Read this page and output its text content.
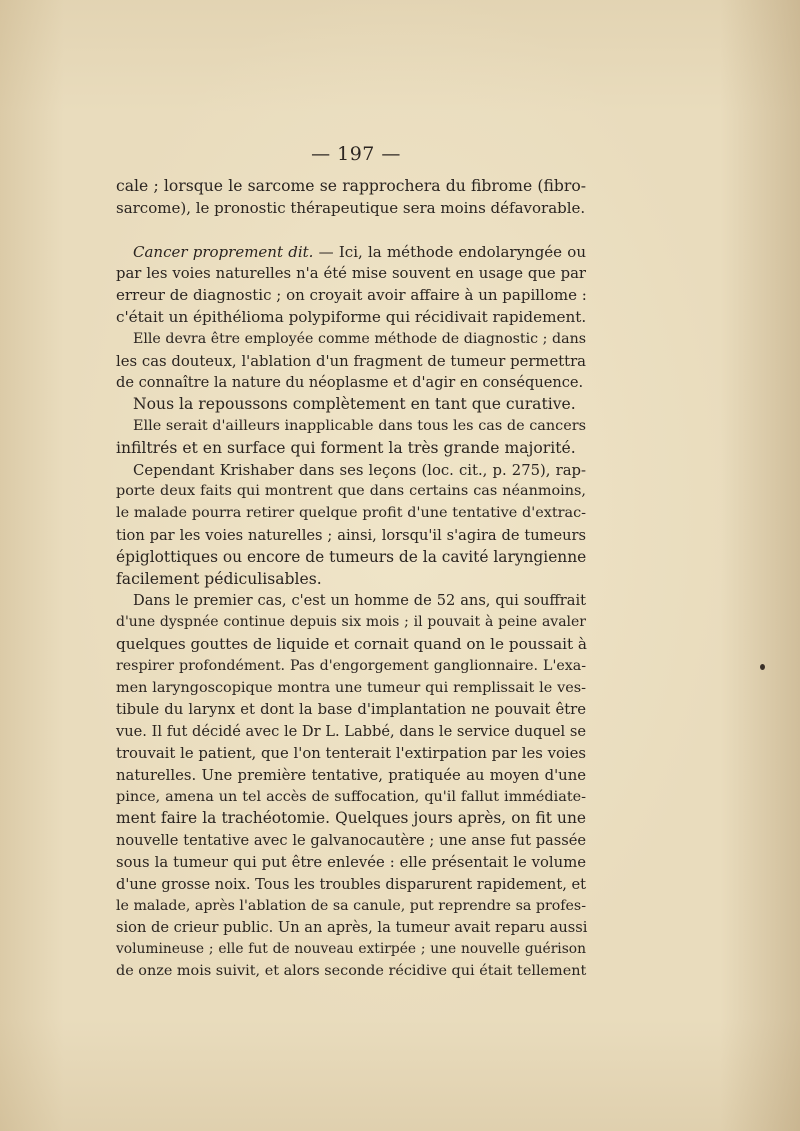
— 197 —
cale ; lorsque le sarcome se rapprochera du fibrome (fibro-
sarcome), le pronostic thérapeutique sera moins défavorable.
Cancer proprement dit. — Ici, la méthode endolaryngée ou
par les voies naturelles n'a été mise souvent en usage que par
erreur de diagnostic ; on croyait avoir affaire à un papillome :
c'était un épithélioma polypiforme qui récidivait rapidement.
Elle devra être employée comme méthode de diagnostic ; dans
les cas douteux, l'ablation d'un fragment de tumeur permettra
de connaître la nature du néoplasme et d'agir en conséquence.
Nous la repoussons complètement en tant que curative.
Elle serait d'ailleurs inapplicable dans tous les cas de cancers
infiltrés et en surface qui forment la très grande majorité.
Cependant Krishaber dans ses leçons (loc. cit., p. 275), rap-
porte deux faits qui montrent que dans certains cas néanmoins,
le malade pourra retirer quelque profit d'une tentative d'extrac-
tion par les voies naturelles ; ainsi, lorsqu'il s'agira de tumeurs
épiglottiques ou encore de tumeurs de la cavité laryngienne
facilement pédiculisables.
Dans le premier cas, c'est un homme de 52 ans, qui souffrait
d'une dyspnée continue depuis six mois ; il pouvait à peine avaler
quelques gouttes de liquide et cornait quand on le poussait à
respirer profondément. Pas d'engorgement ganglionnaire. L'exa-
men laryngoscopique montra une tumeur qui remplissait le ves-
tibule du larynx et dont la base d'implantation ne pouvait être
vue. Il fut décidé avec le Dr L. Labbé, dans le service duquel se
trouvait le patient, que l'on tenterait l'extirpation par les voies
naturelles. Une première tentative, pratiquée au moyen d'une
pince, amena un tel accès de suffocation, qu'il fallut immédiate-
ment faire la trachéotomie. Quelques jours après, on fit une
nouvelle tentative avec le galvanocautère ; une anse fut passée
sous la tumeur qui put être enlevée : elle présentait le volume
d'une grosse noix. Tous les troubles disparurent rapidement, et
le malade, après l'ablation de sa canule, put reprendre sa profes-
sion de crieur public. Un an après, la tumeur avait reparu aussi
volumineuse ; elle fut de nouveau extirpée ; une nouvelle guérison
de onze mois suivit, et alors seconde récidive qui était tellement
